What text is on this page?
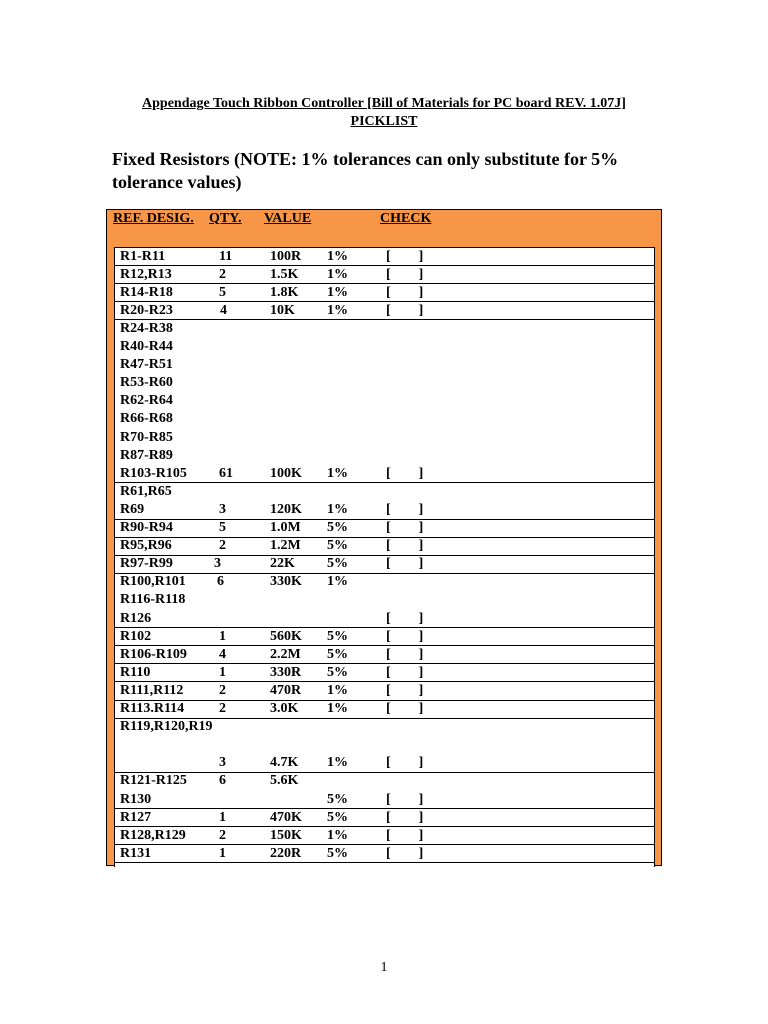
Appendage Touch Ribbon Controller [Bill of Materials for PC board REV. 1.07J]
PICKLIST
Fixed Resistors (NOTE: 1% tolerances can only substitute for 5%
tolerance values)
REF. DESIG. QTY. VALUE	CHECK
1
R1-R11	11	100R 1%	[        ]
R12,R13	2	1.5K 1%	[        ]
R14-R18	5	1.8K 1%	[        ]
R20-R23	4	10K 1%	[        ]
R24-R38
R40-R44
R47-R51
R53-R60
R62-R64
R66-R68
R70-R85
R87-R89
R103-R105 61	100K 1%	[        ]
R61,R65
R69	3	120K 1%	[        ]
R90-R94	5	1.0M 5%	[        ]
R95,R96	2	1.2M 5%	[        ]
R97-R99	3	22K 5%	[        ]
R100,R101 6	330K 1%
R116-R118
R126	[        ]
R102	1	560K 5%	[        ]
R106-R109 4	2.2M 5%	[        ]
R110	1	330R 5%	[        ]
R111,R112	2	470R 1%	[        ]
R113.R114 2	3.0K 1%	[        ]
R119,R120,R19
3	4.7K 1%	[        ]
R121-R125 6	5.6K
R130	5%	[        ]
R127	1	470K 5%	[        ]
R128,R129 2	150K 1%	[        ]
R131	1	220R 5%	[        ]
